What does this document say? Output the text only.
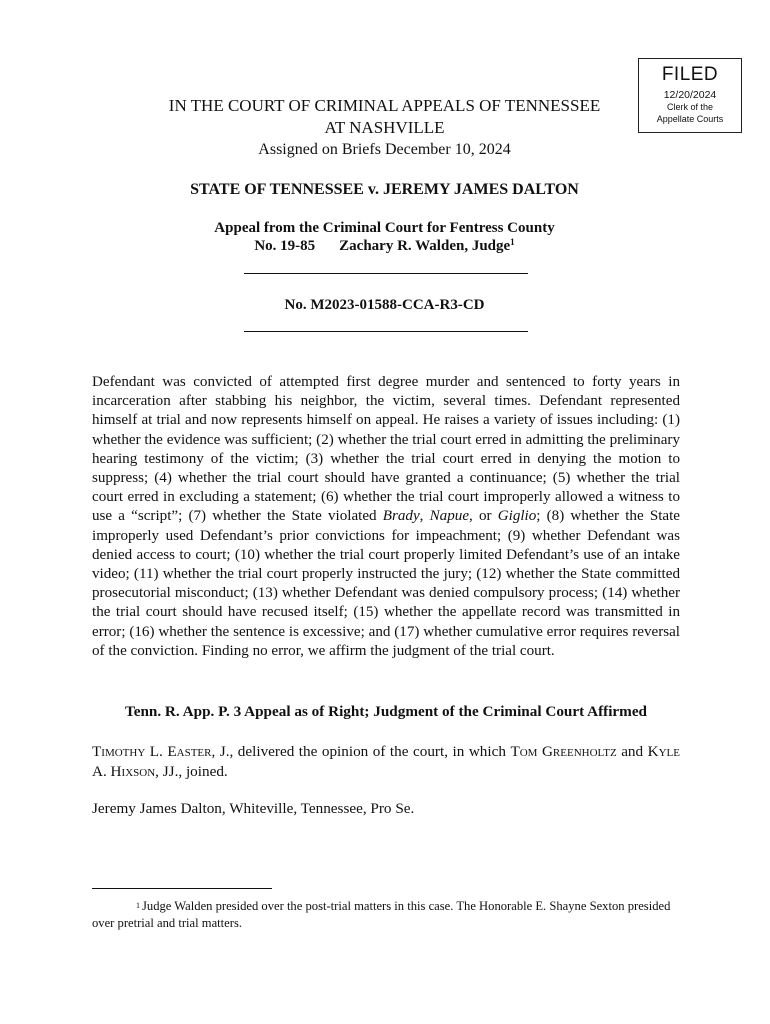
FILED
12/20/2024
Clerk of the
Appellate Courts
IN THE COURT OF CRIMINAL APPEALS OF TENNESSEE
AT NASHVILLE
Assigned on Briefs December 10, 2024
STATE OF TENNESSEE v. JEREMY JAMES DALTON
Appeal from the Criminal Court for Fentress County
No. 19-85 Zachary R. Walden, Judge$^1$
No. M2023-01588-CCA-R3-CD
Defendant was convicted of attempted first degree murder and sentenced to forty years in incarceration after stabbing his neighbor, the victim, several times. Defendant represented himself at trial and now represents himself on appeal. He raises a variety of issues including: (1) whether the evidence was sufficient; (2) whether the trial court erred in admitting the preliminary hearing testimony of the victim; (3) whether the trial court erred in denying the motion to suppress; (4) whether the trial court should have granted a continuance; (5) whether the trial court erred in excluding a statement; (6) whether the trial court improperly allowed a witness to use a “script”; (7) whether the State violated Brady, Napue, or Giglio; (8) whether the State improperly used Defendant’s prior convictions for impeachment; (9) whether Defendant was denied access to court; (10) whether the trial court properly limited Defendant’s use of an intake video; (11) whether the trial court properly instructed the jury; (12) whether the State committed prosecutorial misconduct; (13) whether Defendant was denied compulsory process; (14) whether the trial court should have recused itself; (15) whether the appellate record was transmitted in error; (16) whether the sentence is excessive; and (17) whether cumulative error requires reversal of the conviction. Finding no error, we affirm the judgment of the trial court.
Tenn. R. App. P. 3 Appeal as of Right; Judgment of the Criminal Court Affirmed
Timothy L. Easter, J., delivered the opinion of the court, in which Tom Greenholtz and Kyle A. Hixson, JJ., joined.
Jeremy James Dalton, Whiteville, Tennessee, Pro Se.
$^1$ Judge Walden presided over the post-trial matters in this case. The Honorable E. Shayne Sexton presided over pretrial and trial matters.
